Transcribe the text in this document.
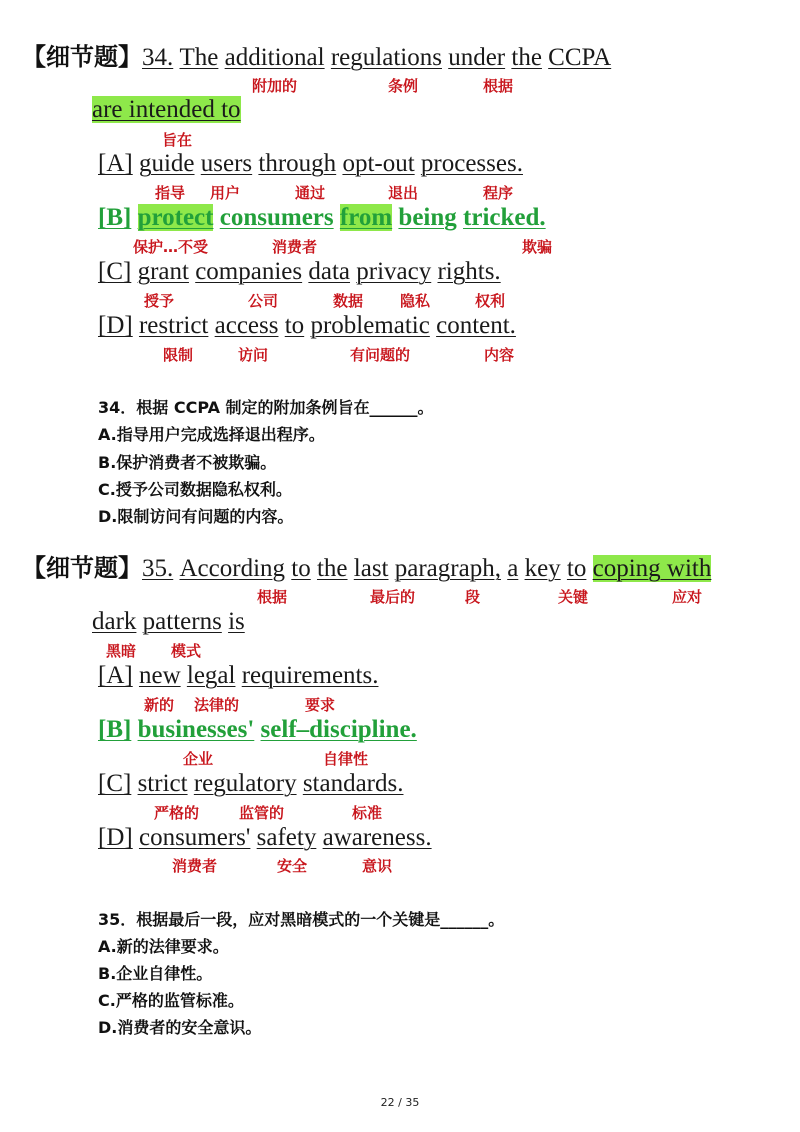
【细节题】34. The additional regulations under the CCPA
附加的	条例	根据
are intended to
旨在
[A] guide users through opt-out processes.
指导 用户	通过	退出	程序
[B] protect consumers from being tricked.
保护…不受	消费者	欺骗
[C] grant companies data privacy rights.
授予	公司	数据 隐私	权利
[D] restrict access to problematic content.
限制	访问	有问题的	内容
34．根据 CCPA 制定的附加条例旨在______。
A.指导用户完成选择退出程序。
B.保护消费者不被欺骗。
C.授予公司数据隐私权利。
D.限制访问有问题的内容。
【细节题】35. According to the last paragraph, a key to coping with
根据	最后的	段	关键	应对
dark patterns is
黑暗 模式
[A] new legal requirements.
新的 法律的	要求
[B] businesses' self–discipline.
企业	自律性
[C] strict regulatory standards.
严格的	监管的	标准
[D] consumers' safety awareness.
消费者	安全	意识
35．根据最后一段，应对黑暗模式的一个关键是______。
A.新的法律要求。
B.企业自律性。
C.严格的监管标准。
D.消费者的安全意识。
22 / 35
